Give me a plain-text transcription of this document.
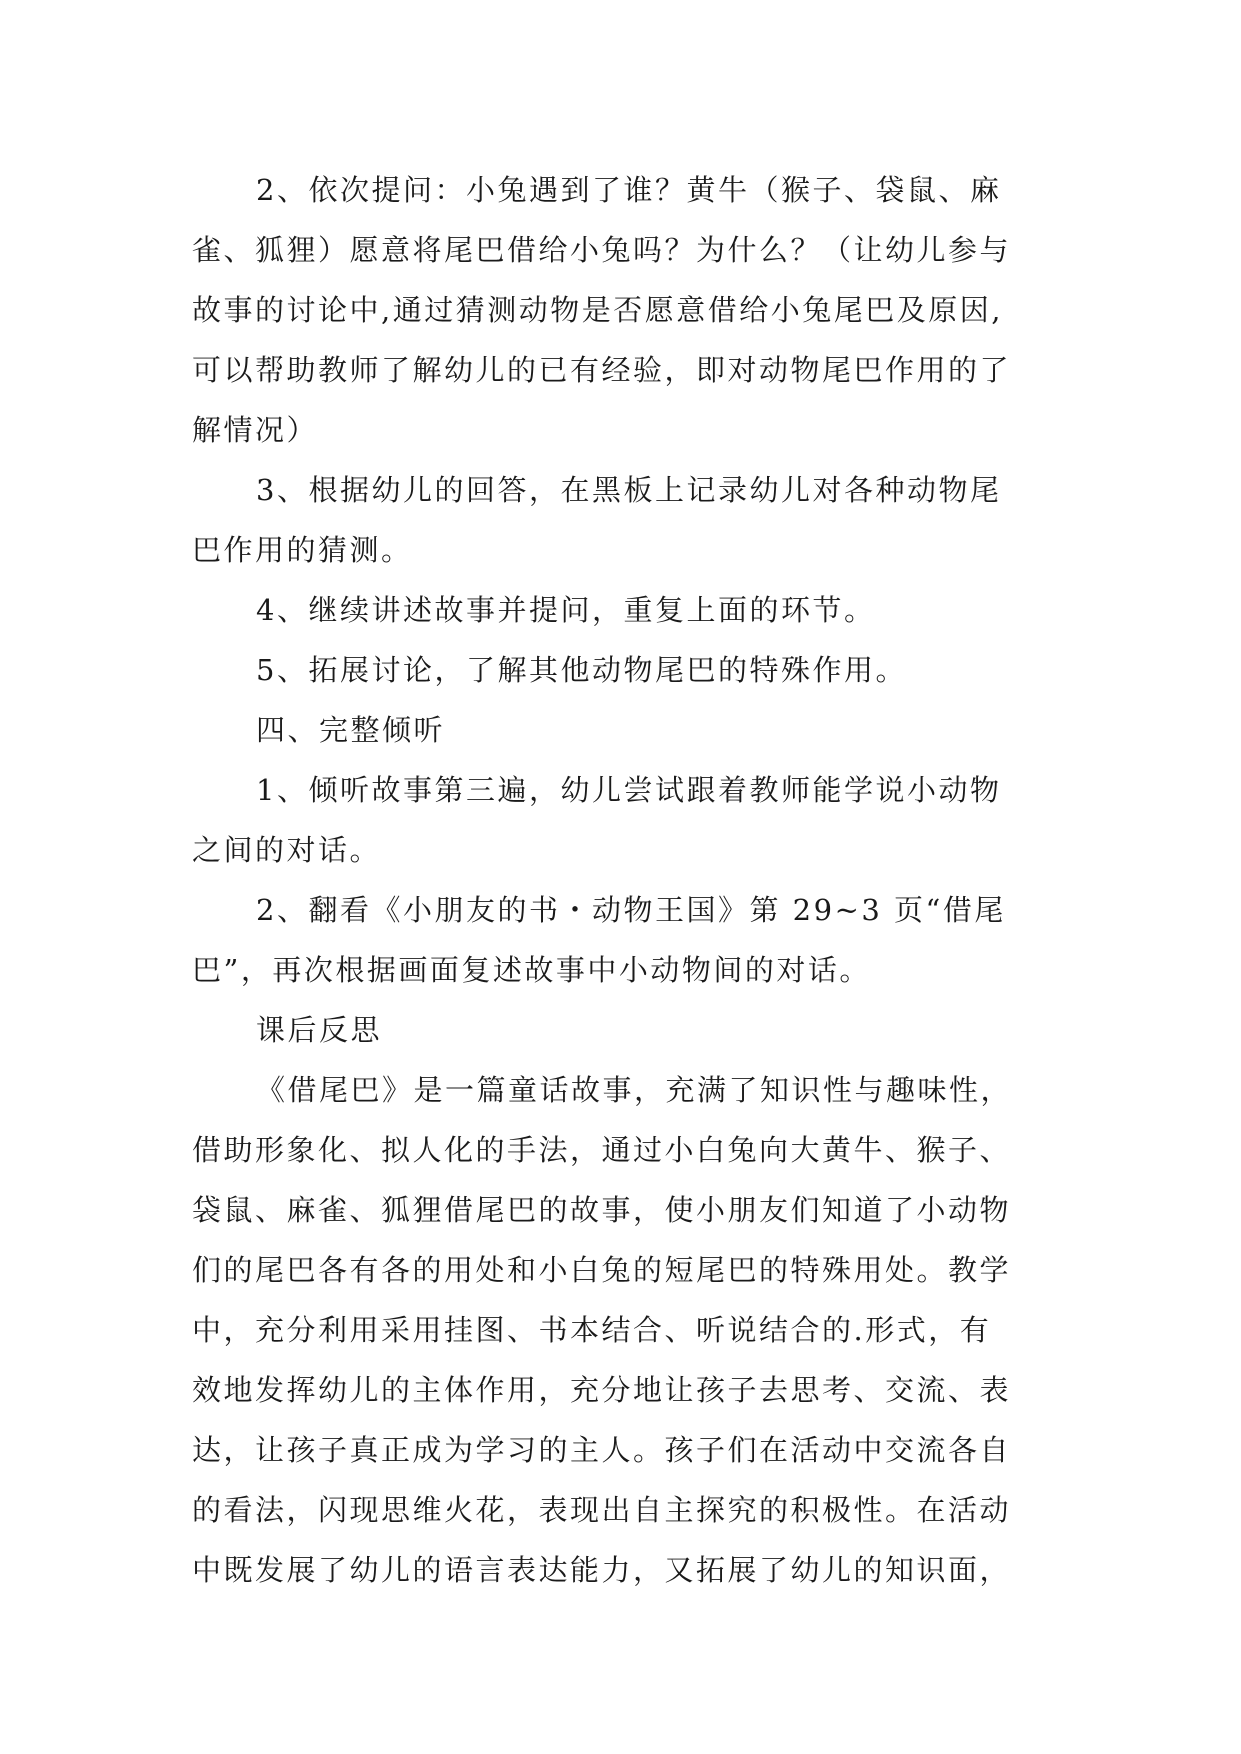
2、依次提问：小兔遇到了谁？黄牛（猴子、袋鼠、麻
雀、狐狸）愿意将尾巴借给小兔吗？为什么？（让幼儿参与
故事的讨论中,通过猜测动物是否愿意借给小兔尾巴及原因,
可以帮助教师了解幼儿的已有经验，即对动物尾巴作用的了
解情况）
3、根据幼儿的回答，在黑板上记录幼儿对各种动物尾
巴作用的猜测。
4、继续讲述故事并提问，重复上面的环节。
5、拓展讨论，了解其他动物尾巴的特殊作用。
四、完整倾听
1、倾听故事第三遍，幼儿尝试跟着教师能学说小动物
之间的对话。
2、翻看《小朋友的书・动物王国》第 29~3 页“借尾
巴”，再次根据画面复述故事中小动物间的对话。
课后反思
《借尾巴》是一篇童话故事，充满了知识性与趣味性，
借助形象化、拟人化的手法，通过小白兔向大黄牛、猴子、
袋鼠、麻雀、狐狸借尾巴的故事，使小朋友们知道了小动物
们的尾巴各有各的用处和小白兔的短尾巴的特殊用处。教学
中，充分利用采用挂图、书本结合、听说结合的.形式，有
效地发挥幼儿的主体作用，充分地让孩子去思考、交流、表
达，让孩子真正成为学习的主人。孩子们在活动中交流各自
的看法，闪现思维火花，表现出自主探究的积极性。在活动
中既发展了幼儿的语言表达能力，又拓展了幼儿的知识面，
